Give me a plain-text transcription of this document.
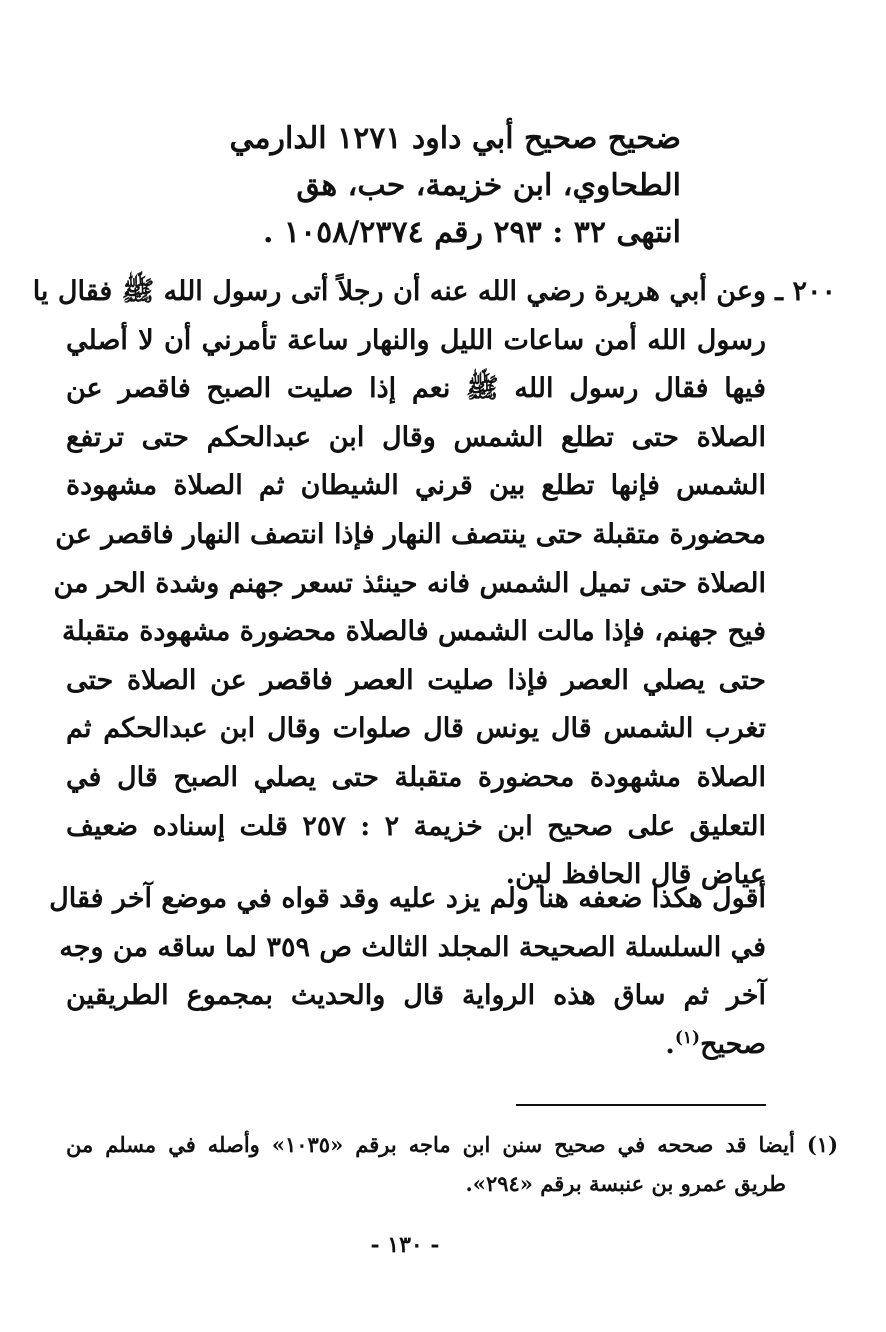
ضحيح صحيح أبي داود ١٢٧١ الدارمي
الطحاوي، ابن خزيمة، حب، هق
انتهى ٣٢ : ٢٩٣ رقم ١٠٥٨/٢٣٧٤ .
٢٠٠ ـ
وعن أبي هريرة رضي الله عنه أن رجلاً أتى رسول الله ﷺ فقال يا
رسول الله أمن ساعات الليل والنهار ساعة تأمرني أن لا أصلي
فيها فقال رسول الله ﷺ نعم إذا صليت الصبح فاقصر عن
الصلاة حتى تطلع الشمس وقال ابن عبدالحكم حتى ترتفع
الشمس فإنها تطلع بين قرني الشيطان ثم الصلاة مشهودة
محضورة متقبلة حتى ينتصف النهار فإذا انتصف النهار فاقصر عن
الصلاة حتى تميل الشمس فانه حينئذ تسعر جهنم وشدة الحر من
فيح جهنم، فإذا مالت الشمس فالصلاة محضورة مشهودة متقبلة
حتى يصلي العصر فإذا صليت العصر فاقصر عن الصلاة حتى
تغرب الشمس قال يونس قال صلوات وقال ابن عبدالحكم ثم
الصلاة مشهودة محضورة متقبلة حتى يصلي الصبح قال في
التعليق على صحيح ابن خزيمة ٢ : ٢٥٧ قلت إسناده ضعيف
عياض قال الحافظ لين.
أقول هكذا ضعفه هنا ولم يزد عليه وقد قواه في موضع آخر فقال
في السلسلة الصحيحة المجلد الثالث ص ٣٥٩ لما ساقه من وجه
آخر ثم ساق هذه الرواية قال والحديث بمجموع الطريقين
صحيح$^{(١)}$.
(١) أيضا قد صححه في صحيح سنن ابن ماجه برقم «١٠٣٥» وأصله في مسلم من
طريق عمرو بن عنبسة برقم «٢٩٤».
- ١٣٠ -
